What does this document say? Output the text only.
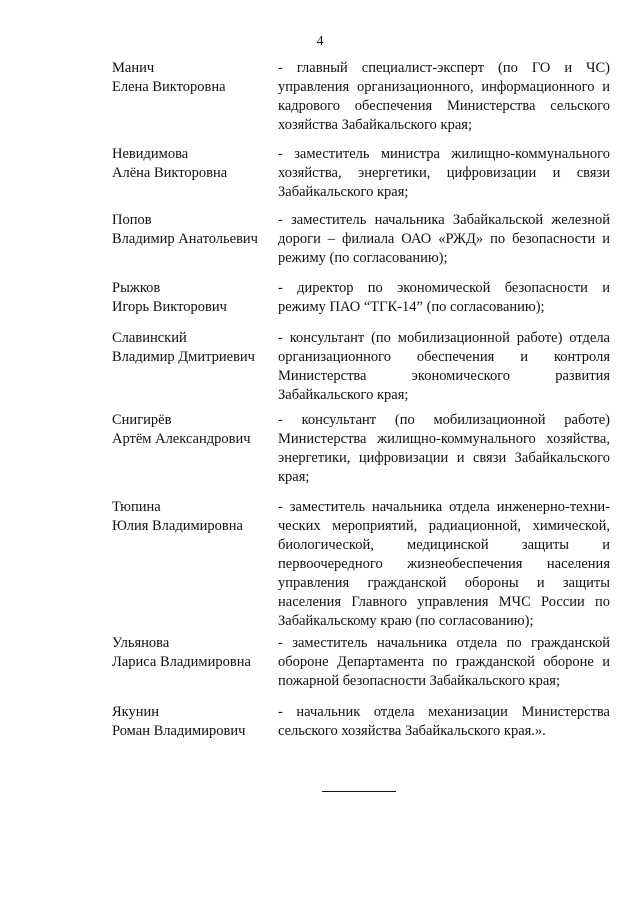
4
Манич
Елена Викторовна
- главный специалист-эксперт (по ГО и ЧС)
управления организационного, информационного и
кадрового обеспечения Министерства сельского
хозяйства Забайкальского края;
Невидимова
Алёна Викторовна
- заместитель министра жилищно-коммунального
хозяйства, энергетики, цифровизации и связи
Забайкальского края;
Попов
Владимир Анатольевич
- заместитель начальника Забайкальской железной
дороги – филиала ОАО «РЖД» по безопасности и
режиму (по согласованию);
Рыжков
Игорь Викторович
- директор по экономической безопасности и
режиму ПАО “ТГК-14” (по согласованию);
Славинский
Владимир Дмитриевич
- консультант (по мобилизационной работе) отдела
организационного обеспечения и контроля
Министерства экономического развития
Забайкальского края;
Снигирёв
Артём Александрович
- консультант (по мобилизационной работе)
Министерства жилищно-коммунального хозяйства,
энергетики, цифровизации и связи Забайкальского
края;
Тюпина
Юлия Владимировна
- заместитель начальника отдела инженерно-техни-
ческих мероприятий, радиационной, химической,
биологической, медицинской защиты и
первоочередного жизнеобеспечения населения
управления гражданской обороны и защиты
населения Главного управления МЧС России по
Забайкальскому краю (по согласованию);
Ульянова
Лариса Владимировна
- заместитель начальника отдела по гражданской
обороне Департамента по гражданской обороне и
пожарной безопасности Забайкальского края;
Якунин
Роман Владимирович
- начальник отдела механизации Министерства
сельского хозяйства Забайкальского края.».
